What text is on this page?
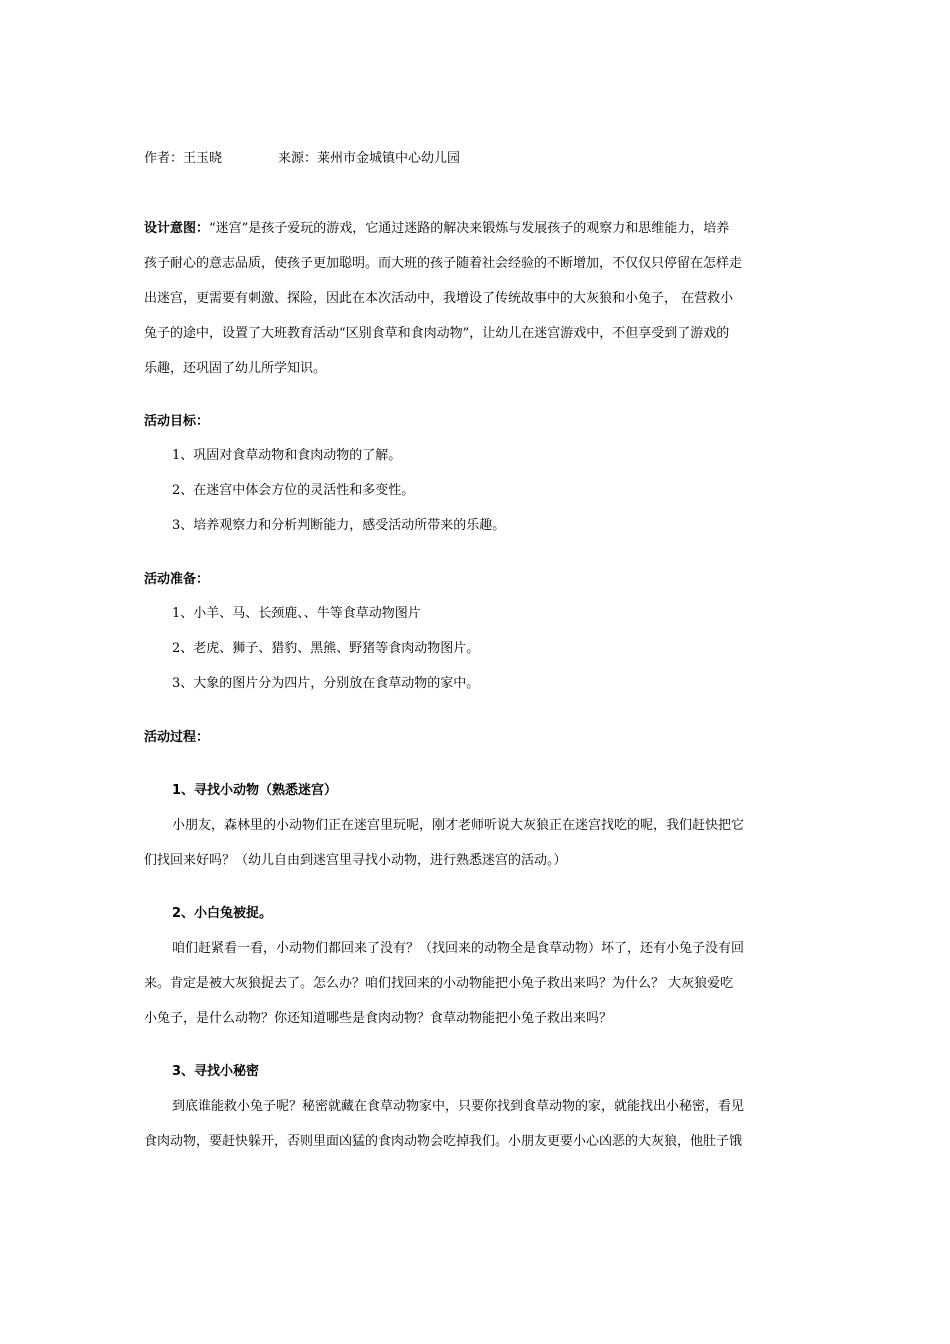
作者：王玉晓	来源：莱州市金城镇中心幼儿园
设计意图：“迷宫”是孩子爱玩的游戏，它通过迷路的解决来锻炼与发展孩子的观察力和思维能力，培养
孩子耐心的意志品质，使孩子更加聪明。而大班的孩子随着社会经验的不断增加，不仅仅只停留在怎样走
出迷宫，更需要有刺激、探险，因此在本次活动中，我增设了传统故事中的大灰狼和小兔子， 在营救小
兔子的途中，设置了大班教育活动“区别食草和食肉动物”，让幼儿在迷宫游戏中，不但享受到了游戏的
乐趣，还巩固了幼儿所学知识。
活动目标：
1、巩固对食草动物和食肉动物的了解。
2、在迷宫中体会方位的灵活性和多变性。
3、培养观察力和分析判断能力，感受活动所带来的乐趣。
活动准备：
1、小羊、马、长颈鹿、、牛等食草动物图片
2、老虎、狮子、猎豹、黑熊、野猪等食肉动物图片。
3、大象的图片分为四片，分别放在食草动物的家中。
活动过程：
1、寻找小动物（熟悉迷宫）
小朋友，森林里的小动物们正在迷宫里玩呢，刚才老师听说大灰狼正在迷宫找吃的呢，我们赶快把它
们找回来好吗？（幼儿自由到迷宫里寻找小动物，进行熟悉迷宫的活动。）
2、小白兔被捉。
咱们赶紧看一看，小动物们都回来了没有？（找回来的动物全是食草动物）坏了，还有小兔子没有回
来。肯定是被大灰狼捉去了。怎么办？咱们找回来的小动物能把小兔子救出来吗？为什么？ 大灰狼爱吃
小兔子，是什么动物？你还知道哪些是食肉动物？食草动物能把小兔子救出来吗？
3、寻找小秘密
到底谁能救小兔子呢？秘密就藏在食草动物家中，只要你找到食草动物的家，就能找出小秘密，看见
食肉动物，要赶快躲开，否则里面凶猛的食肉动物会吃掉我们。小朋友更要小心凶恶的大灰狼，他肚子饿
